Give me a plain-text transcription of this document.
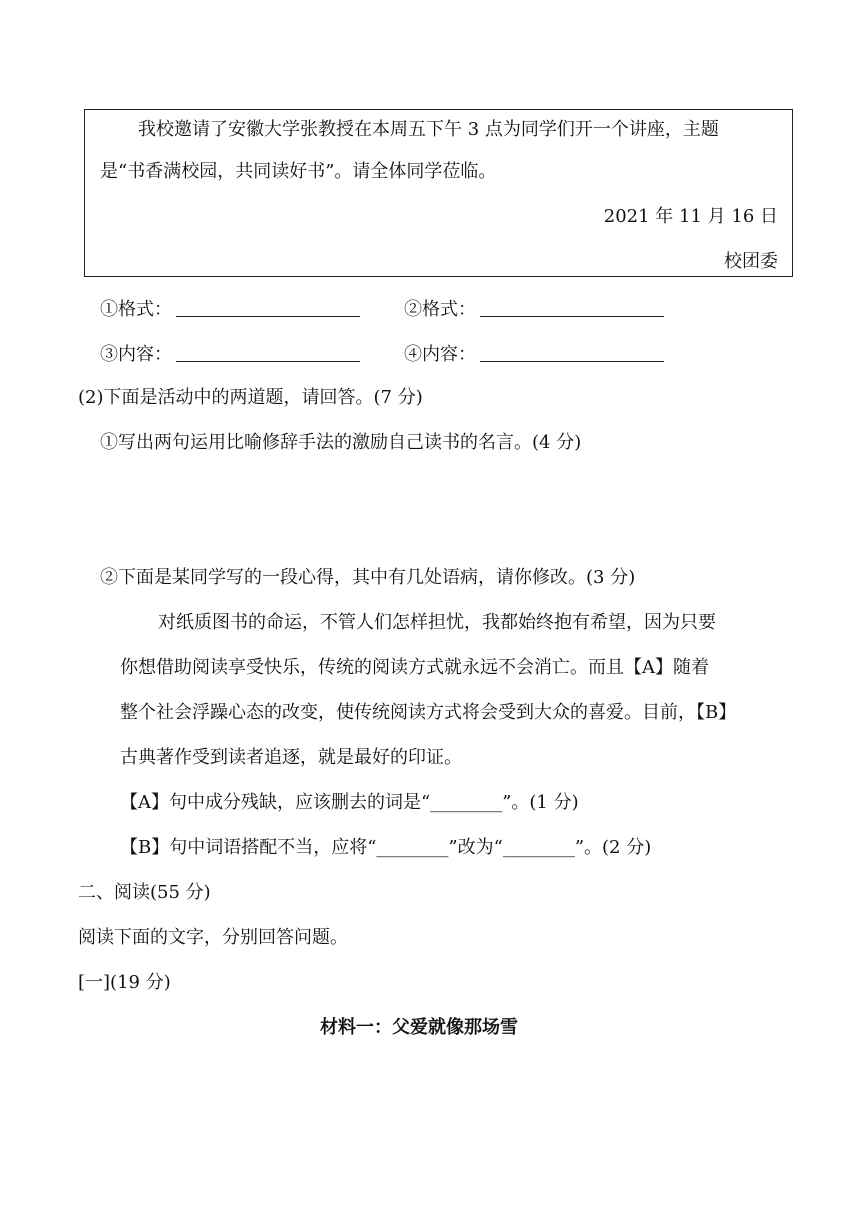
我校邀请了安徽大学张教授在本周五下午 3 点为同学们开一个讲座，主题
是“书香满校园，共同读好书”。请全体同学莅临。
2021 年 11 月 16 日
校团委
①格式：	②格式：
③内容：	④内容：
(2)下面是活动中的两道题，请回答。(7 分)
①写出两句运用比喻修辞手法的激励自己读书的名言。(4 分)
②下面是某同学写的一段心得，其中有几处语病，请你修改。(3 分)
对纸质图书的命运，不管人们怎样担忧，我都始终抱有希望，因为只要
你想借助阅读享受快乐，传统的阅读方式就永远不会消亡。而且【A】随着
整个社会浮躁心态的改变，使传统阅读方式将会受到大众的喜爱。目前，【B】
古典著作受到读者追逐，就是最好的印证。
【A】句中成分残缺，应该删去的词是“________”。(1 分)
【B】句中词语搭配不当，应将“________”改为“________”。(2 分)
二、阅读(55 分)
阅读下面的文字，分别回答问题。
[一](19 分)
材料一：父爱就像那场雪
